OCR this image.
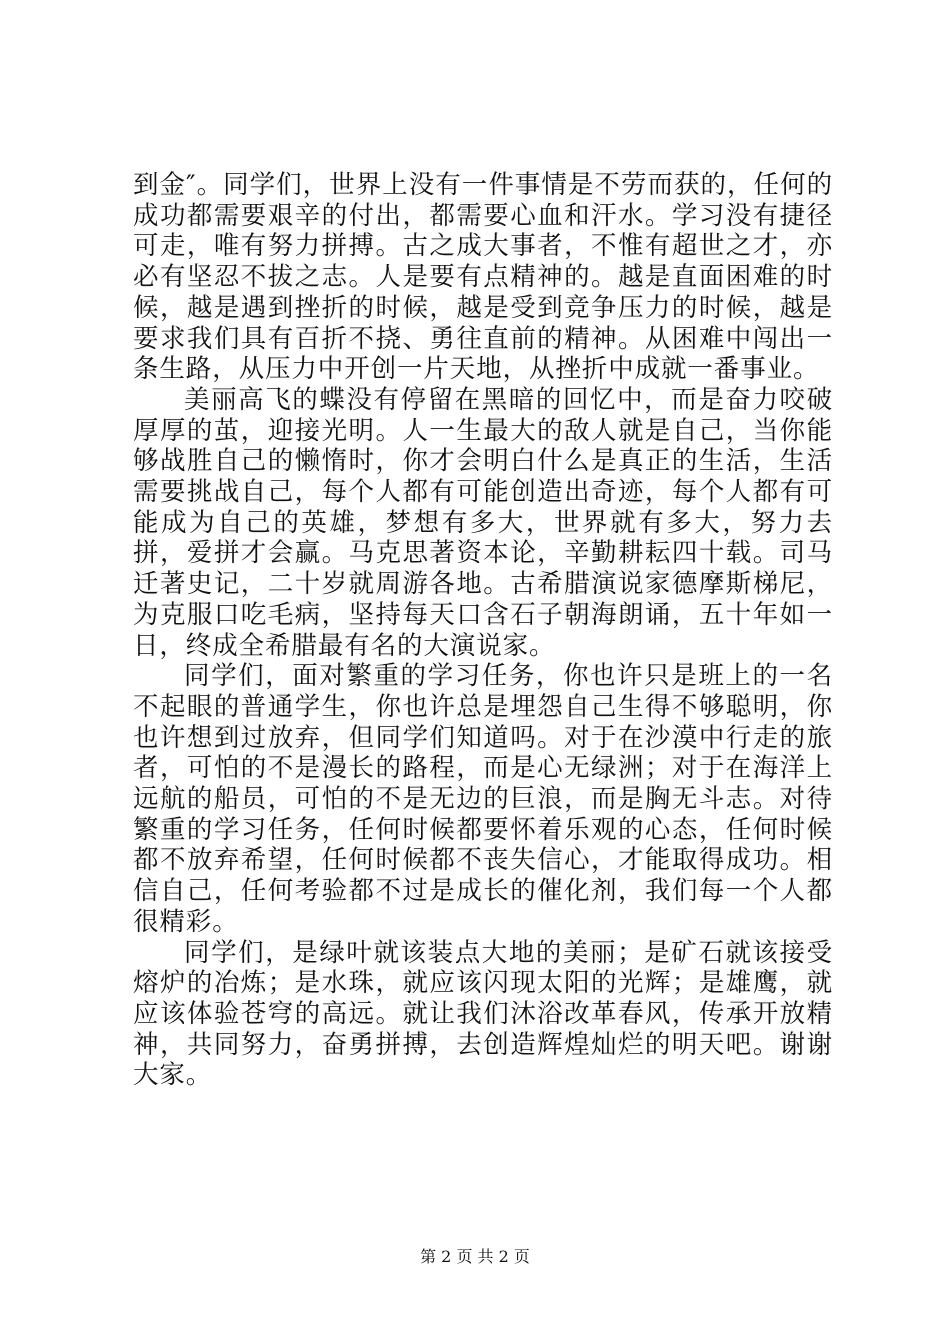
到金″。同学们，世界上没有一件事情是不劳而获的，任何的成功都需要艰辛的付出，都需要心血和汗水。学习没有捷径可走，唯有努力拼搏。古之成大事者，不惟有超世之才，亦必有坚忍不拔之志。人是要有点精神的。越是直面困难的时候，越是遇到挫折的时候，越是受到竞争压力的时候，越是要求我们具有百折不挠、勇往直前的精神。从困难中闯出一条生路，从压力中开创一片天地，从挫折中成就一番事业。

美丽高飞的蝶没有停留在黑暗的回忆中，而是奋力咬破厚厚的茧，迎接光明。人一生最大的敌人就是自己，当你能够战胜自己的懒惰时，你才会明白什么是真正的生活，生活需要挑战自己，每个人都有可能创造出奇迹，每个人都有可能成为自己的英雄，梦想有多大，世界就有多大，努力去拼，爱拼才会赢。马克思著资本论，辛勤耕耘四十载。司马迁著史记，二十岁就周游各地。古希腊演说家德摩斯梯尼，为克服口吃毛病，坚持每天口含石子朝海朗诵，五十年如一日，终成全希腊最有名的大演说家。

同学们，面对繁重的学习任务，你也许只是班上的一名不起眼的普通学生，你也许总是埋怨自己生得不够聪明，你也许想到过放弃，但同学们知道吗。对于在沙漠中行走的旅者，可怕的不是漫长的路程，而是心无绿洲；对于在海洋上远航的船员，可怕的不是无边的巨浪，而是胸无斗志。对待繁重的学习任务，任何时候都要怀着乐观的心态，任何时候都不放弃希望，任何时候都不丧失信心，才能取得成功。相信自己，任何考验都不过是成长的催化剂，我们每一个人都很精彩。

同学们，是绿叶就该装点大地的美丽；是矿石就该接受熔炉的冶炼；是水珠，就应该闪现太阳的光辉；是雄鹰，就应该体验苍穹的高远。就让我们沐浴改革春风，传承开放精神，共同努力，奋勇拼搏，去创造辉煌灿烂的明天吧。谢谢大家。

第 2 页 共 2 页
